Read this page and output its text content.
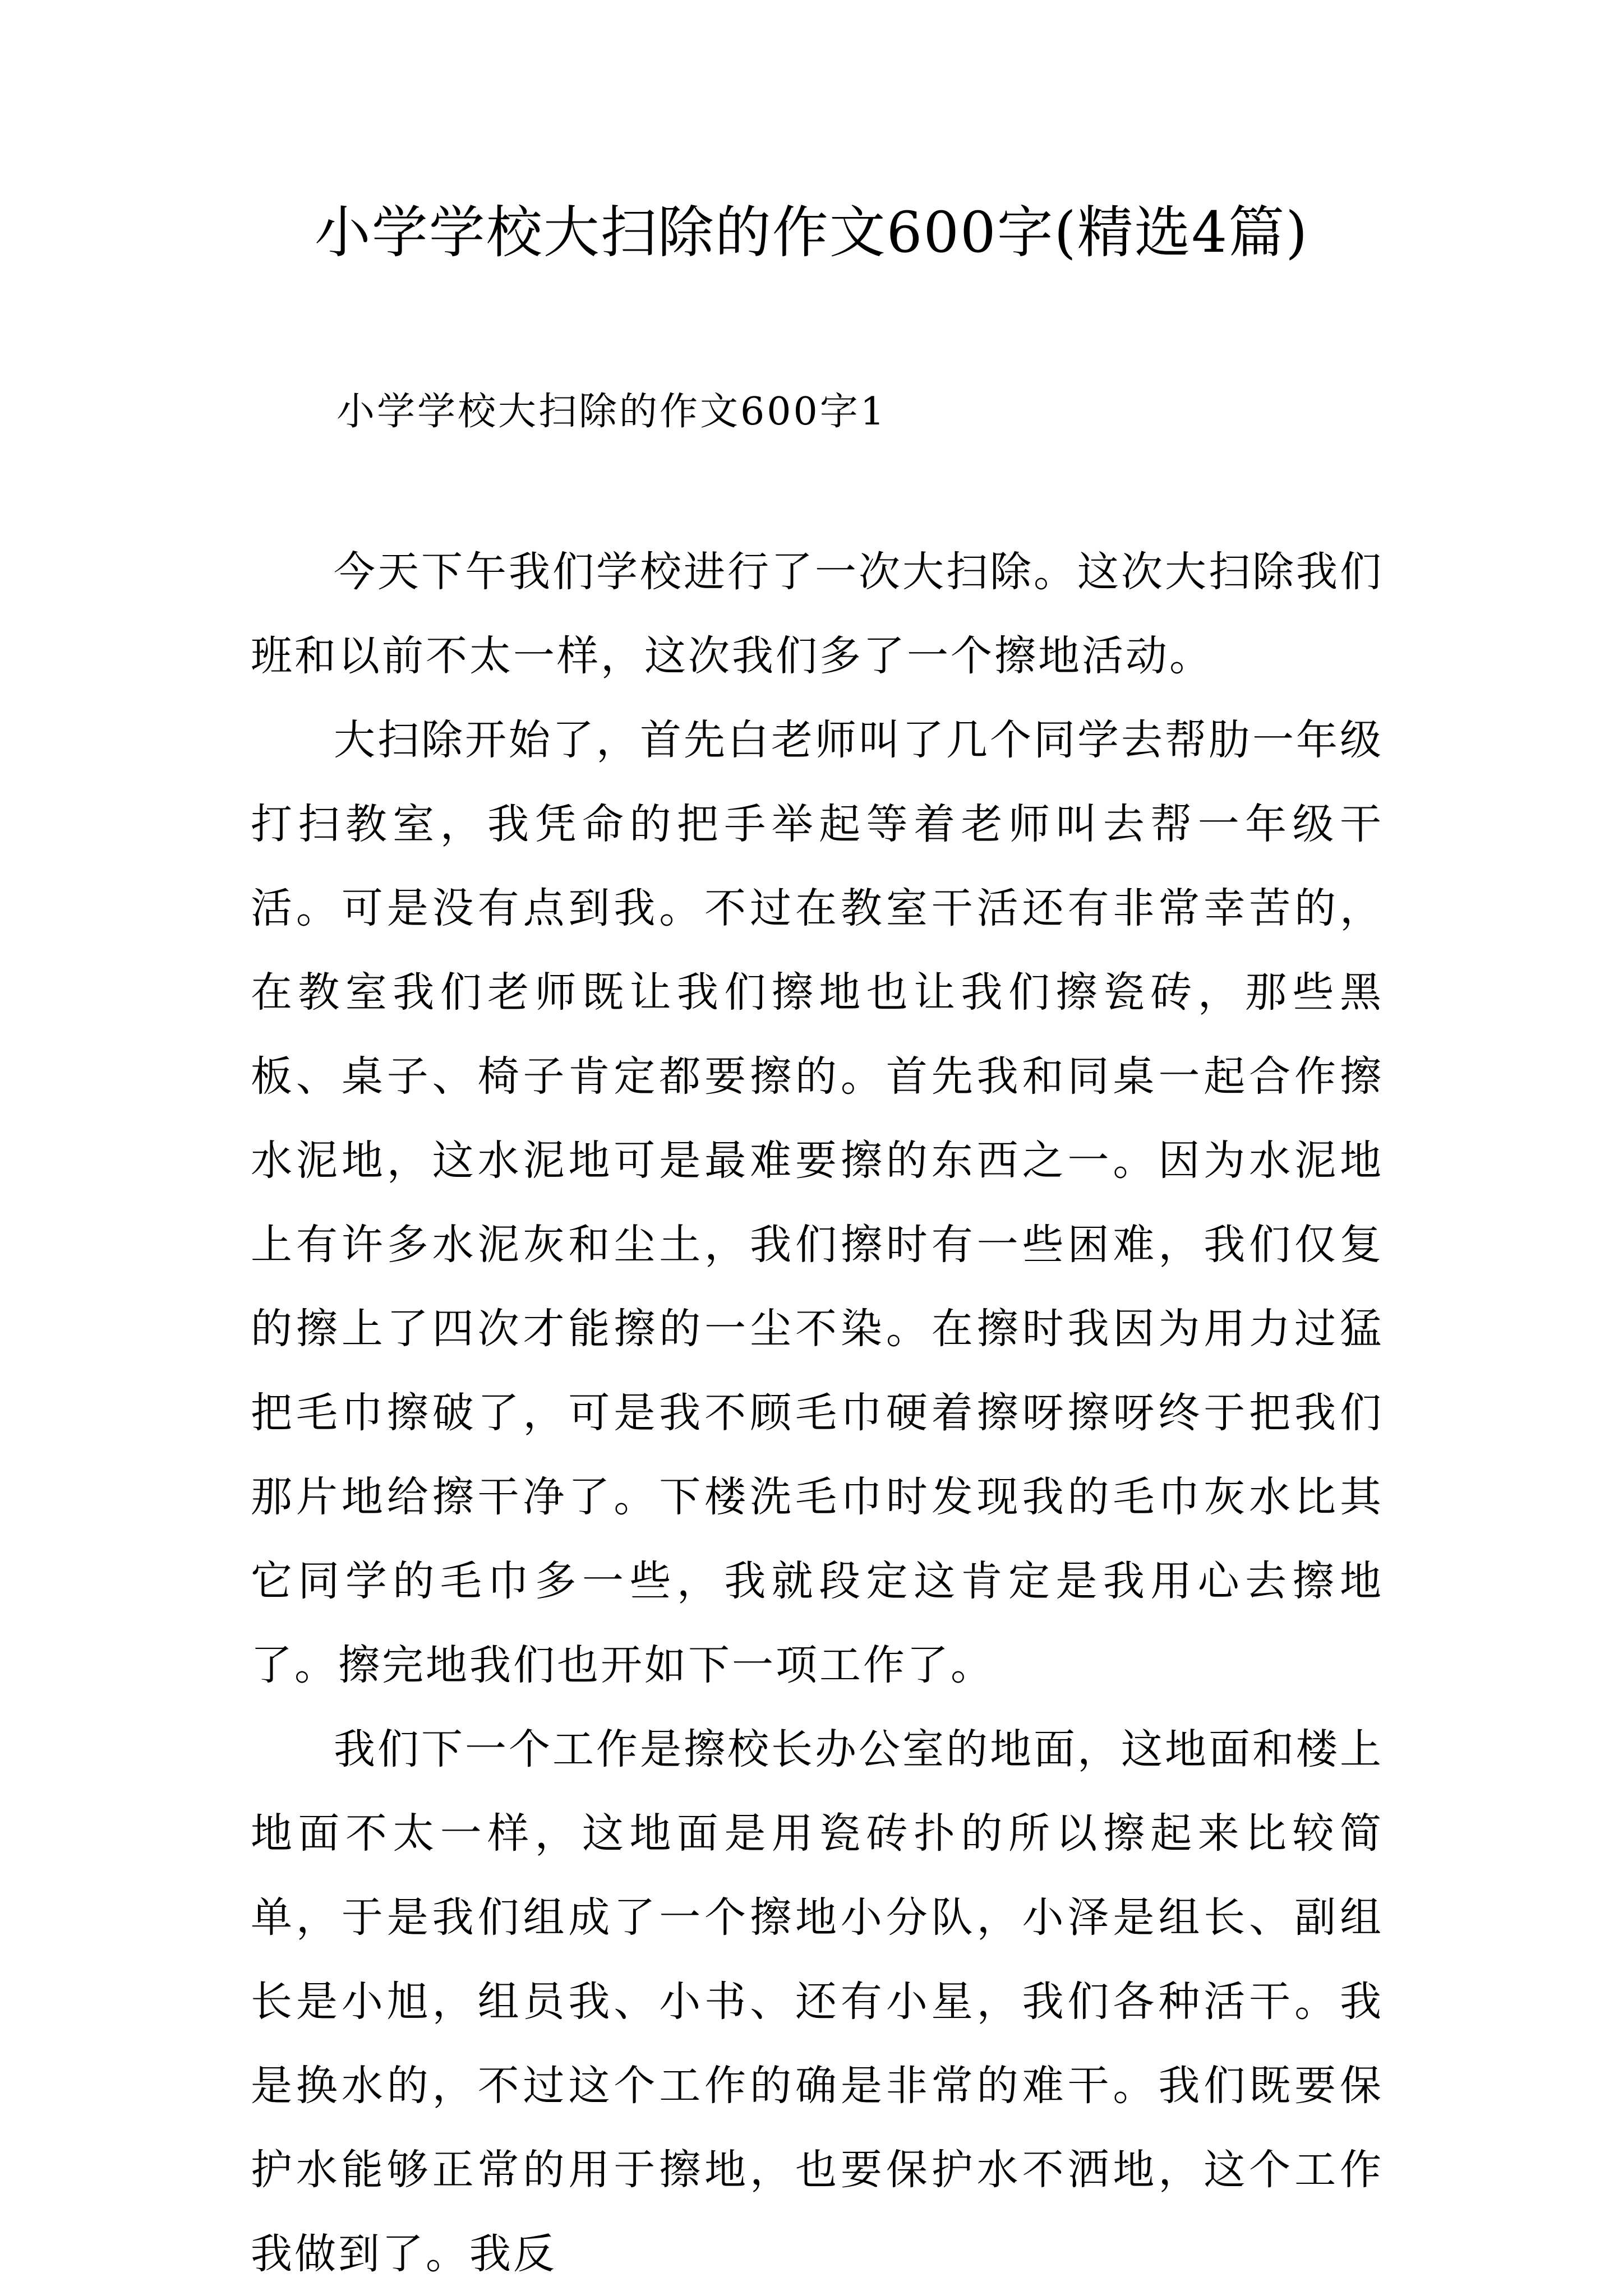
小学学校大扫除的作文600字(精选4篇)
小学学校大扫除的作文600字1

今天下午我们学校进行了一次大扫除。这次大扫除我们班和以前不太一样，这次我们多了一个擦地活动。

大扫除开始了，首先白老师叫了几个同学去帮肋一年级打扫教室，我凭命的把手举起等着老师叫去帮一年级干活。可是没有点到我。不过在教室干活还有非常幸苦的，在教室我们老师既让我们擦地也让我们擦瓷砖，那些黑板、桌子、椅子肯定都要擦的。首先我和同桌一起合作擦水泥地，这水泥地可是最难要擦的东西之一。因为水泥地上有许多水泥灰和尘土，我们擦时有一些困难，我们仅复的擦上了四次才能擦的一尘不染。在擦时我因为用力过猛把毛巾擦破了，可是我不顾毛巾硬着擦呀擦呀终于把我们那片地给擦干净了。下楼洗毛巾时发现我的毛巾灰水比其它同学的毛巾多一些，我就段定这肯定是我用心去擦地了。擦完地我们也开如下一项工作了。

我们下一个工作是擦校长办公室的地面，这地面和楼上地面不太一样，这地面是用瓷砖扑的所以擦起来比较简单，于是我们组成了一个擦地小分队，小泽是组长、副组长是小旭，组员我、小书、还有小星，我们各种活干。我是换水的，不过这个工作的确是非常的难干。我们既要保护水能够正常的用于擦地，也要保护水不洒地，这个工作我做到了。我反
